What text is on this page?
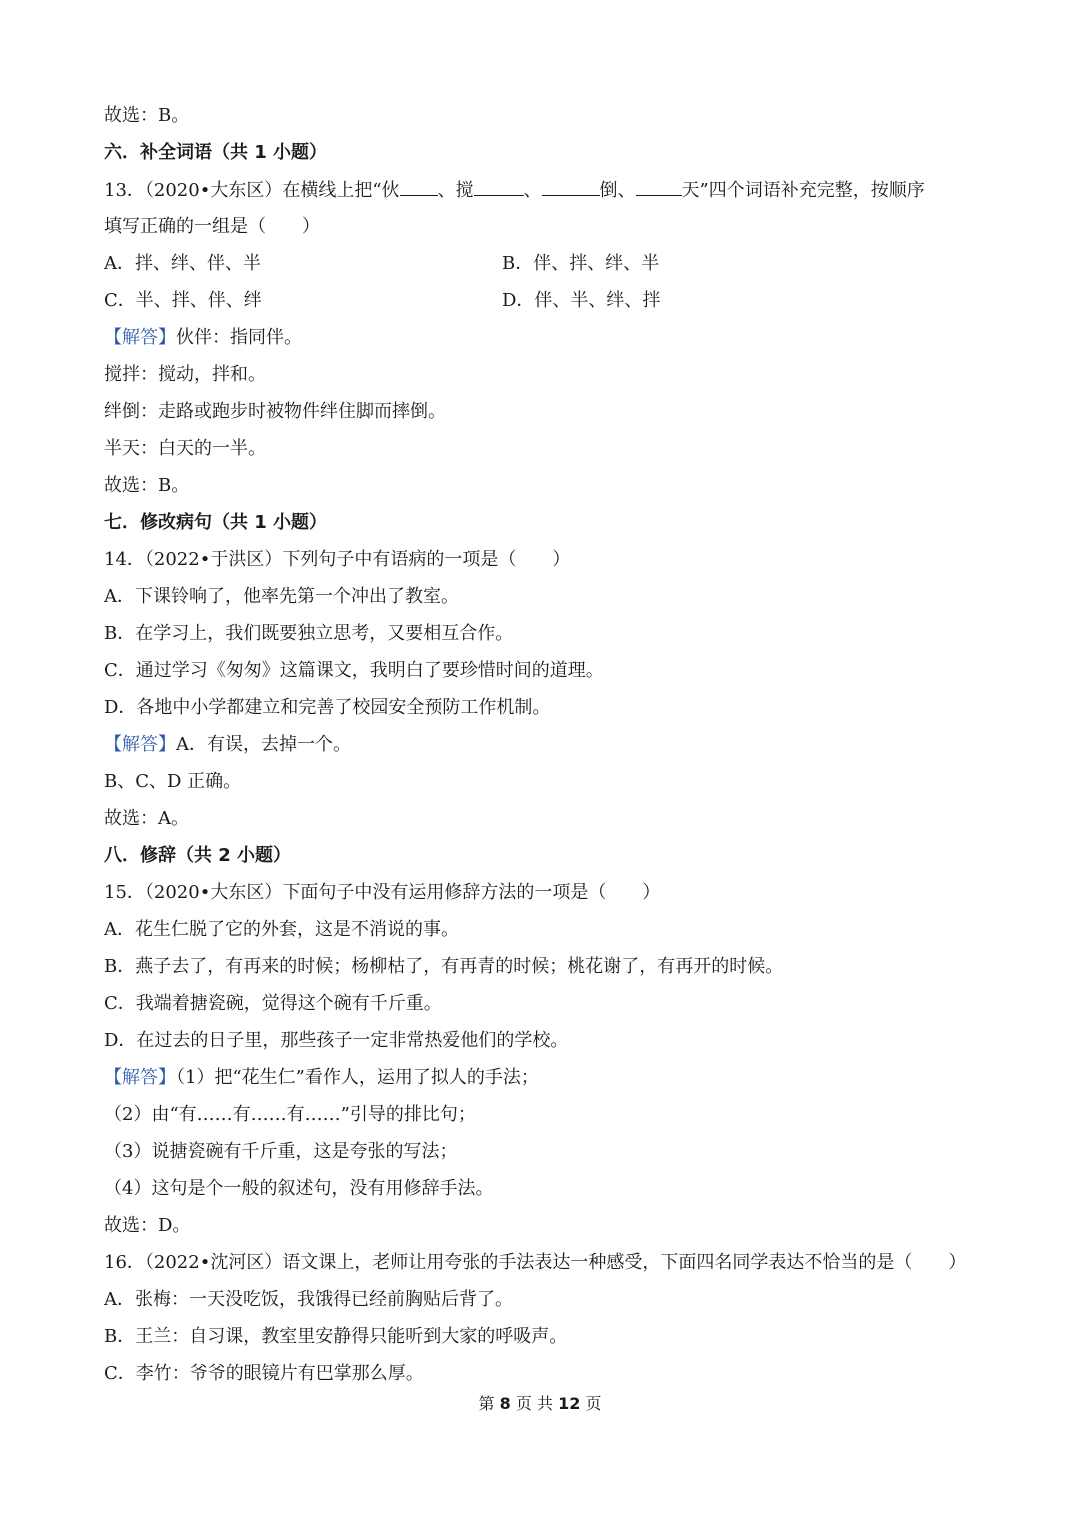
故选：B。
六．补全词语（共 1 小题）
13．（2020•大东区）在横线上把“伙 、搅	、	倒、	天”四个词语补充完整，按顺序
填写正确的一组是（　　）
A．拌、绊、伴、半	B．伴、拌、绊、半
C．半、拌、伴、绊	D．伴、半、绊、拌
【解答】伙伴：指同伴。
搅拌：搅动，拌和。
绊倒：走路或跑步时被物件绊住脚而摔倒。
半天：白天的一半。
故选：B。
七．修改病句（共 1 小题）
14．（2022•于洪区）下列句子中有语病的一项是（　　）
A．下课铃响了，他率先第一个冲出了教室。
B．在学习上，我们既要独立思考，又要相互合作。
C．通过学习《匆匆》这篇课文，我明白了要珍惜时间的道理。
D．各地中小学都建立和完善了校园安全预防工作机制。
【解答】A．有误，去掉一个。
B、C、D 正确。
故选：A。
八．修辞（共 2 小题）
15．（2020•大东区）下面句子中没有运用修辞方法的一项是（　　）
A．花生仁脱了它的外套，这是不消说的事。
B．燕子去了，有再来的时候；杨柳枯了，有再青的时候；桃花谢了，有再开的时候。
C．我端着搪瓷碗，觉得这个碗有千斤重。
D．在过去的日子里，那些孩子一定非常热爱他们的学校。
【解答】（1）把“花生仁”看作人，运用了拟人的手法；
（2）由“有……有……有……”引导的排比句；
（3）说搪瓷碗有千斤重，这是夸张的写法；
（4）这句是个一般的叙述句，没有用修辞手法。
故选：D。
16．（2022•沈河区）语文课上，老师让用夸张的手法表达一种感受，下面四名同学表达不恰当的是（　　）
A．张梅：一天没吃饭，我饿得已经前胸贴后背了。
B．王兰：自习课，教室里安静得只能听到大家的呼吸声。
C．李竹：爷爷的眼镜片有巴掌那么厚。
第 8 页 共 12 页
